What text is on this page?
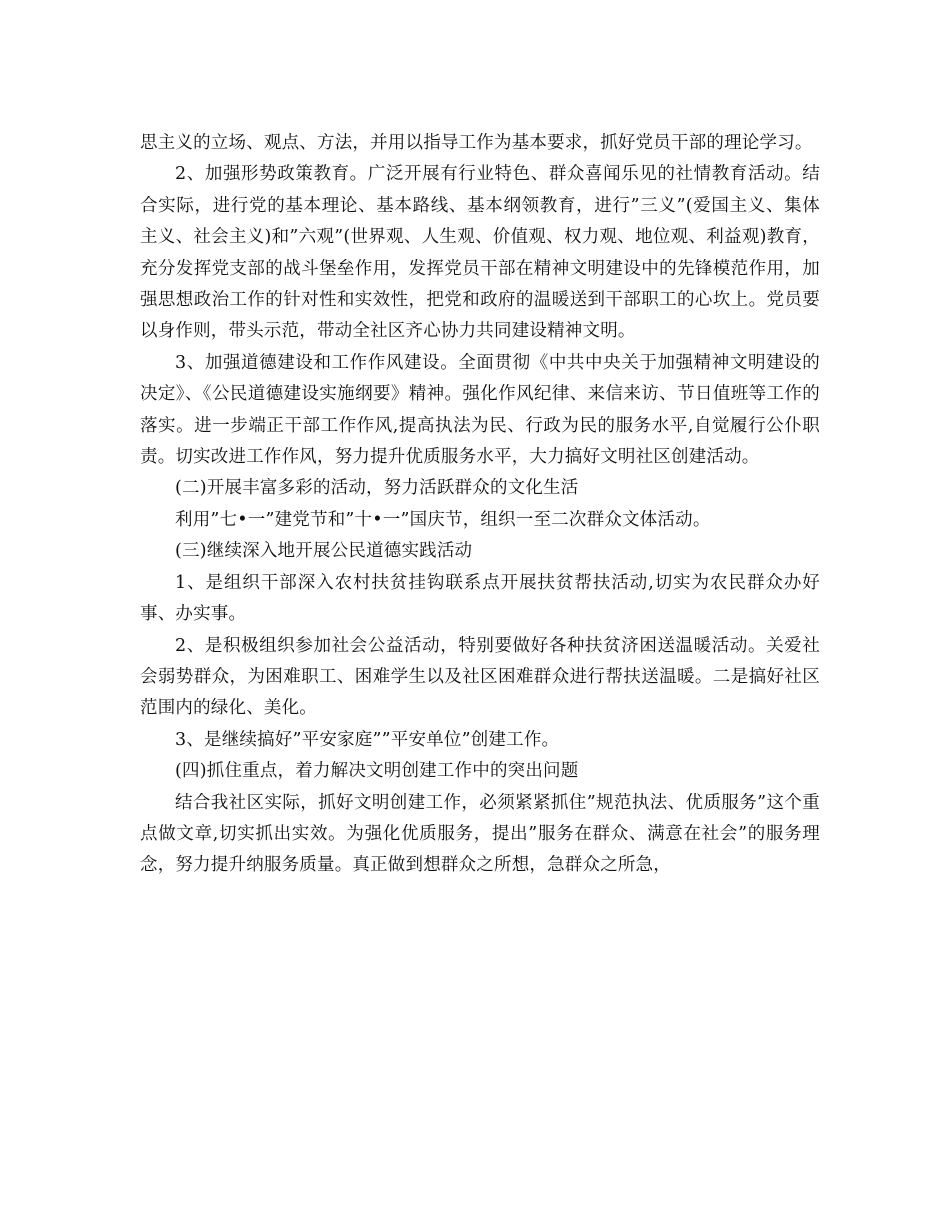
思主义的立场、观点、方法，并用以指导工作为基本要求，抓好党员干部的理论学习。

2、加强形势政策教育。广泛开展有行业特色、群众喜闻乐见的社情教育活动。结合实际，进行党的基本理论、基本路线、基本纲领教育，进行”三义”(爱国主义、集体主义、社会主义)和”六观”(世界观、人生观、价值观、权力观、地位观、利益观)教育，充分发挥党支部的战斗堡垒作用，发挥党员干部在精神文明建设中的先锋模范作用，加强思想政治工作的针对性和实效性，把党和政府的温暖送到干部职工的心坎上。党员要以身作则，带头示范，带动全社区齐心协力共同建设精神文明。

3、加强道德建设和工作作风建设。全面贯彻《中共中央关于加强精神文明建设的决定》、《公民道德建设实施纲要》精神。强化作风纪律、来信来访、节日值班等工作的落实。进一步端正干部工作作风,提高执法为民、行政为民的服务水平,自觉履行公仆职责。切实改进工作作风，努力提升优质服务水平，大力搞好文明社区创建活动。

(二)开展丰富多彩的活动，努力活跃群众的文化生活

利用”七•一”建党节和”十•一”国庆节，组织一至二次群众文体活动。

(三)继续深入地开展公民道德实践活动

1、是组织干部深入农村扶贫挂钩联系点开展扶贫帮扶活动,切实为农民群众办好事、办实事。

2、是积极组织参加社会公益活动，特别要做好各种扶贫济困送温暖活动。关爱社会弱势群众，为困难职工、困难学生以及社区困难群众进行帮扶送温暖。二是搞好社区范围内的绿化、美化。

3、是继续搞好”平安家庭””平安单位”创建工作。

(四)抓住重点，着力解决文明创建工作中的突出问题

结合我社区实际，抓好文明创建工作，必须紧紧抓住”规范执法、优质服务”这个重点做文章,切实抓出实效。为强化优质服务，提出”服务在群众、满意在社会”的服务理念，努力提升纳服务质量。真正做到想群众之所想，急群众之所急，
